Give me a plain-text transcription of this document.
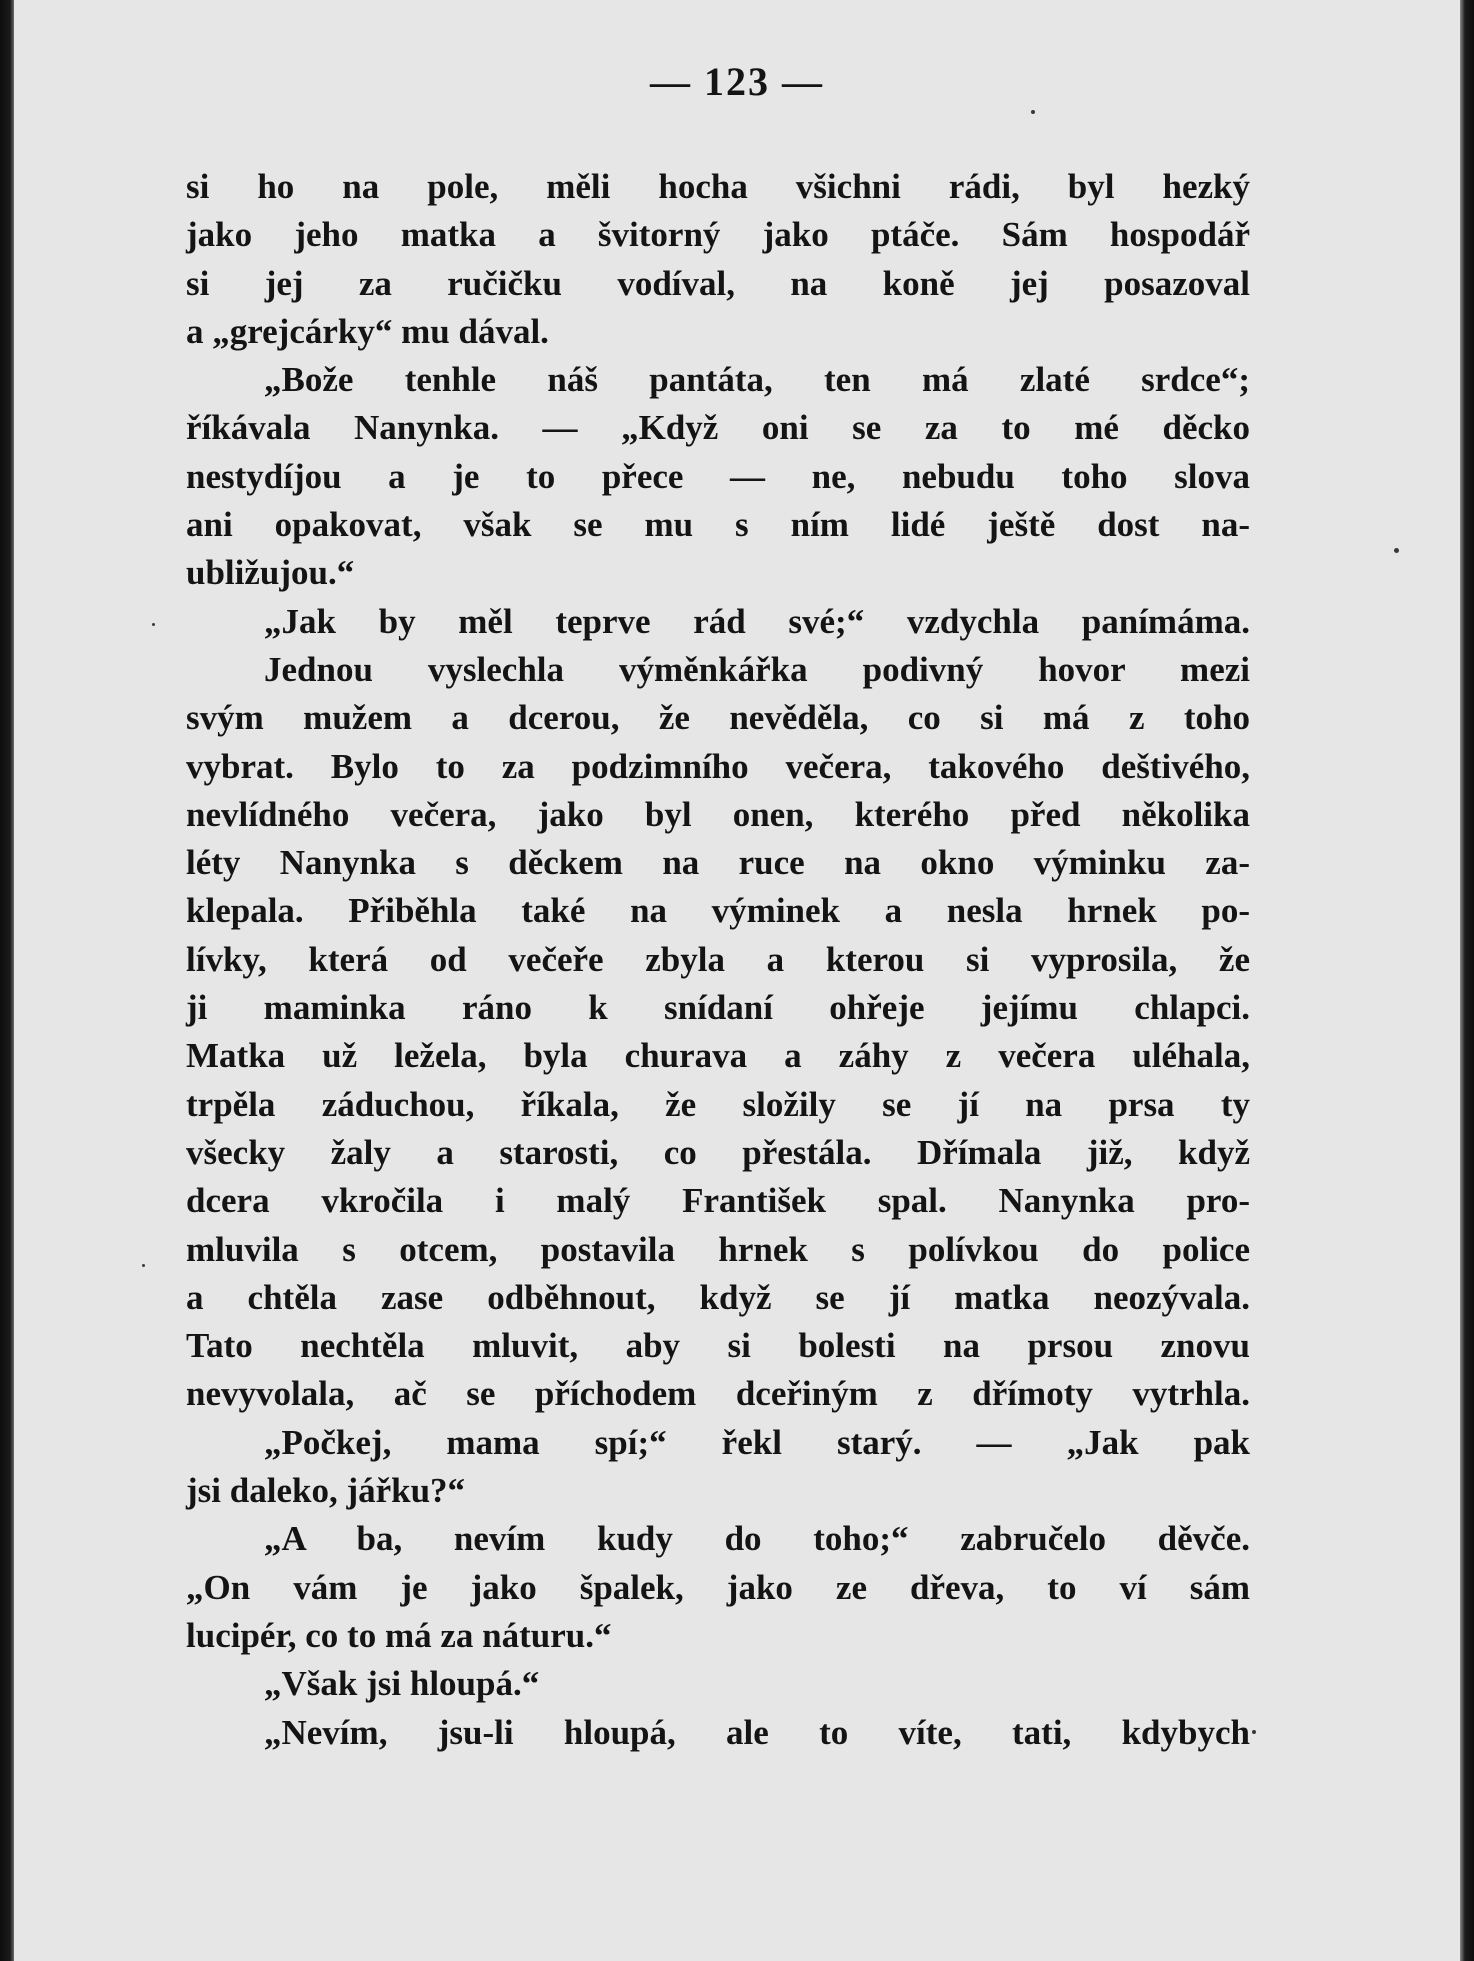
— 123 —
si ho na pole, měli hocha všichni rádi, byl hezký
jako jeho matka a švitorný jako ptáče. Sám hospodář
si jej za ručičku vodíval, na koně jej posazoval
a „grejcárky“ mu dával.
„Bože tenhle náš pantáta, ten má zlaté srdce“;
říkávala Nanynka. — „Když oni se za to mé děcko
nestydíjou a je to přece — ne, nebudu toho slova
ani opakovat, však se mu s ním lidé ještě dost na-
ubližujou.“
„Jak by měl teprve rád své;“ vzdychla panímáma.
Jednou vyslechla výměnkářka podivný hovor mezi
svým mužem a dcerou, že nevěděla, co si má z toho
vybrat. Bylo to za podzimního večera, takového deštivého,
nevlídného večera, jako byl onen, kterého před několika
léty Nanynka s děckem na ruce na okno výminku za-
klepala. Přiběhla také na výminek a nesla hrnek po-
lívky, která od večeře zbyla a kterou si vyprosila, že
ji maminka ráno k snídaní ohřeje jejímu chlapci.
Matka už ležela, byla churava a záhy z večera uléhala,
trpěla záduchou, říkala, že složily se jí na prsa ty
všecky žaly a starosti, co přestála. Dřímala již, když
dcera vkročila i malý František spal. Nanynka pro-
mluvila s otcem, postavila hrnek s polívkou do police
a chtěla zase odběhnout, když se jí matka neozývala.
Tato nechtěla mluvit, aby si bolesti na prsou znovu
nevyvolala, ač se příchodem dceřiným z dřímoty vytrhla.
„Počkej, mama spí;“ řekl starý. — „Jak pak
jsi daleko, jářku?“
„A ba, nevím kudy do toho;“ zabručelo děvče.
„On vám je jako špalek, jako ze dřeva, to ví sám
lucipér, co to má za náturu.“
„Však jsi hloupá.“
„Nevím, jsu-li hloupá, ale to víte, tati, kdybych
